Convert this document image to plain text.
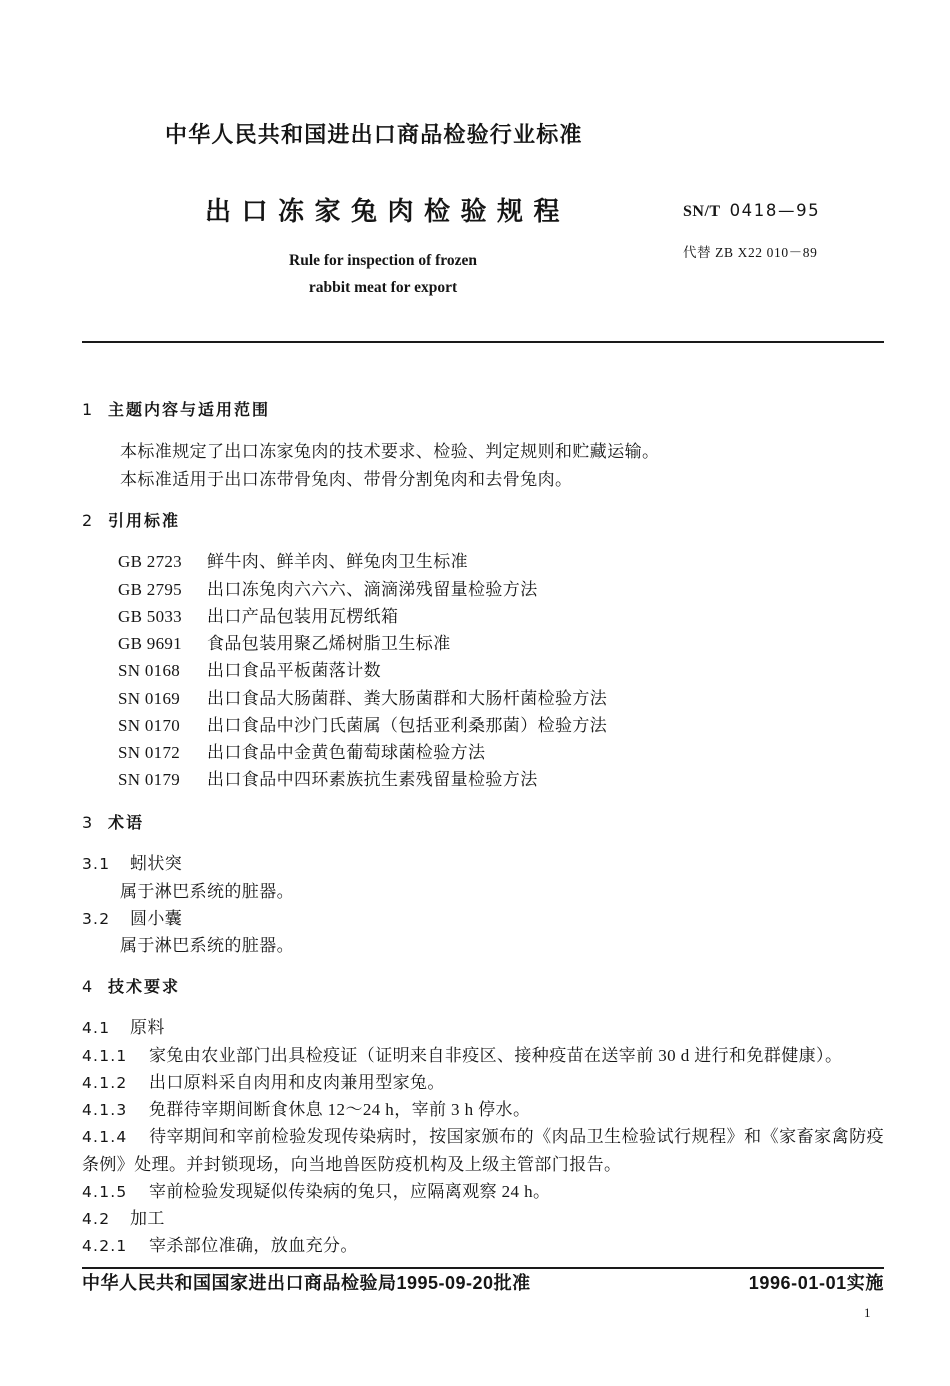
中华人民共和国进出口商品检验行业标准
出口冻家兔肉检验规程	SN/T 0418—95
代替 ZB X22 010－89
Rule for inspection of frozen
rabbit meat for export
1 主题内容与适用范围
本标准规定了出口冻家兔肉的技术要求、检验、判定规则和贮藏运输。
本标准适用于出口冻带骨兔肉、带骨分割兔肉和去骨兔肉。
2 引用标准
GB 2723 鲜牛肉、鲜羊肉、鲜兔肉卫生标准
GB 2795 出口冻兔肉六六六、滴滴涕残留量检验方法
GB 5033 出口产品包装用瓦楞纸箱
GB 9691 食品包装用聚乙烯树脂卫生标准
SN 0168 出口食品平板菌落计数
SN 0169 出口食品大肠菌群、粪大肠菌群和大肠杆菌检验方法
SN 0170 出口食品中沙门氏菌属（包括亚利桑那菌）检验方法
SN 0172 出口食品中金黄色葡萄球菌检验方法
SN 0179 出口食品中四环素族抗生素残留量检验方法
3 术语
3.1 蚓状突
属于淋巴系统的脏器。
3.2 圆小囊
属于淋巴系统的脏器。
4 技术要求
4.1 原料
4.1.1 家兔由农业部门出具检疫证（证明来自非疫区、接种疫苗在送宰前 30 d 进行和免群健康）。
4.1.2 出口原料采自肉用和皮肉兼用型家兔。
4.1.3 免群待宰期间断食休息 12～24 h，宰前 3 h 停水。
4.1.4 待宰期间和宰前检验发现传染病时，按国家颁布的《肉品卫生检验试行规程》和《家畜家禽防疫
条例》处理。并封锁现场，向当地兽医防疫机构及上级主管部门报告。
4.1.5 宰前检验发现疑似传染病的兔只，应隔离观察 24 h。
4.2 加工
4.2.1 宰杀部位准确，放血充分。
中华人民共和国国家进出口商品检验局1995-09-20批准	1996-01-01实施
1
